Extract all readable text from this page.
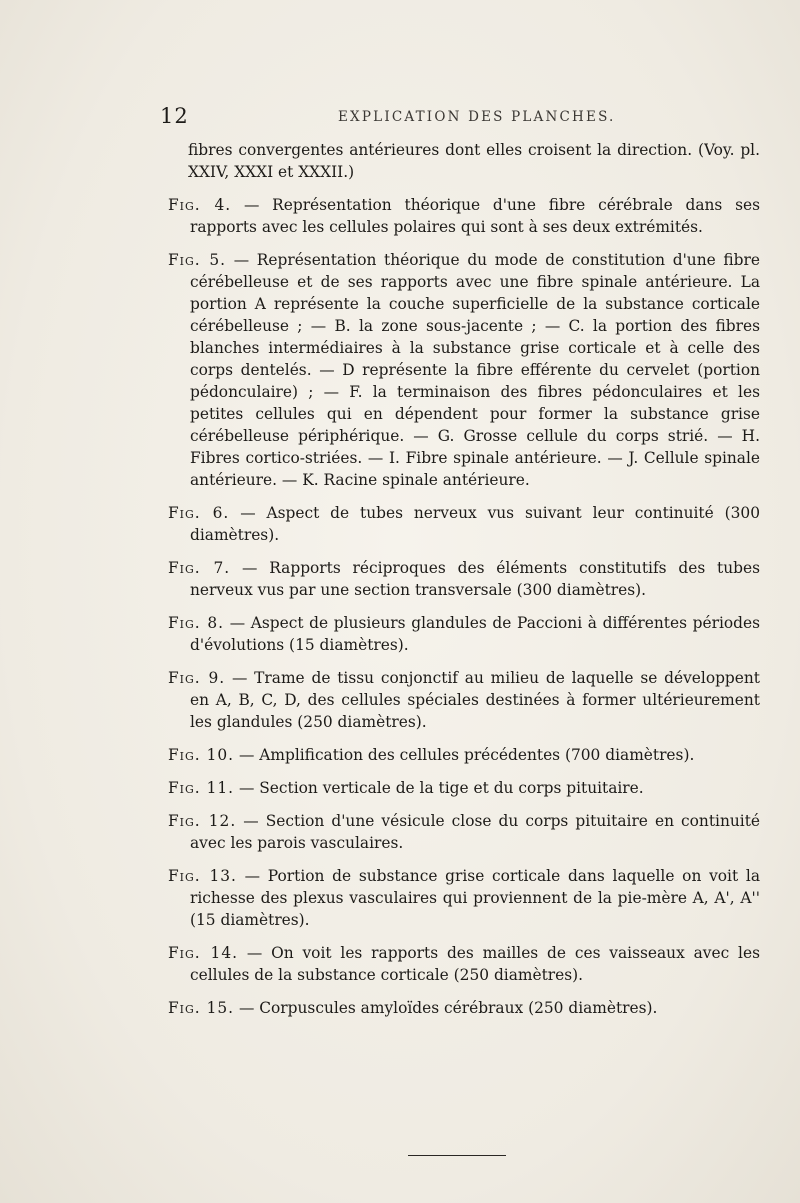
12	EXPLICATION DES PLANCHES.

fibres convergentes antérieures dont elles croisent la direction. (Voy. pl. XXIV, XXXI et XXXII.)

Fig. 4. — Représentation théorique d'une fibre cérébrale dans ses rapports avec les cellules polaires qui sont à ses deux extrémités.

Fig. 5. — Représentation théorique du mode de constitution d'une fibre cérébelleuse et de ses rapports avec une fibre spinale antérieure. La portion A représente la couche superficielle de la substance corticale cérébelleuse ; — B. la zone sous-jacente ; — C. la portion des fibres blanches intermédiaires à la substance grise corticale et à celle des corps dentelés. — D représente la fibre efférente du cervelet (portion pédonculaire) ; — F. la terminaison des fibres pédonculaires et les petites cellules qui en dépendent pour former la substance grise cérébelleuse périphérique. — G. Grosse cellule du corps strié. — H. Fibres cortico-striées. — I. Fibre spinale antérieure. — J. Cellule spinale antérieure. — K. Racine spinale antérieure.

Fig. 6. — Aspect de tubes nerveux vus suivant leur continuité (300 diamètres).

Fig. 7. — Rapports réciproques des éléments constitutifs des tubes nerveux vus par une section transversale (300 diamètres).

Fig. 8. — Aspect de plusieurs glandules de Paccioni à différentes périodes d'évolutions (15 diamètres).

Fig. 9. — Trame de tissu conjonctif au milieu de laquelle se développent en A, B, C, D, des cellules spéciales destinées à former ultérieurement les glandules (250 diamètres).

Fig. 10. — Amplification des cellules précédentes (700 diamètres).

Fig. 11. — Section verticale de la tige et du corps pituitaire.

Fig. 12. — Section d'une vésicule close du corps pituitaire en continuité avec les parois vasculaires.

Fig. 13. — Portion de substance grise corticale dans laquelle on voit la richesse des plexus vasculaires qui proviennent de la pie-mère A, A', A'' (15 diamètres).

Fig. 14. — On voit les rapports des mailles de ces vaisseaux avec les cellules de la substance corticale (250 diamètres).

Fig. 15. — Corpuscules amyloïdes cérébraux (250 diamètres).
